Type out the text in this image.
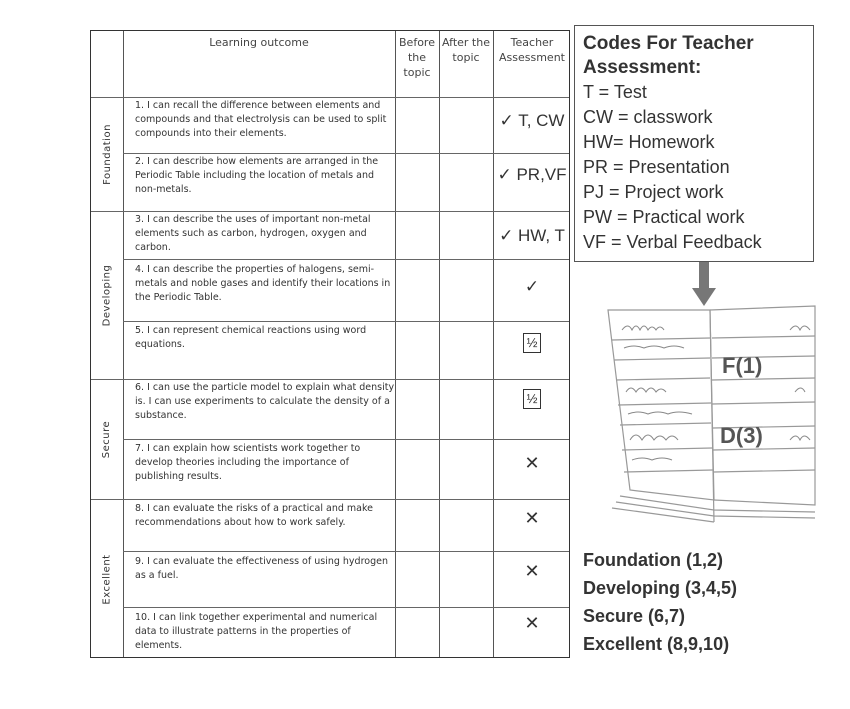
Learning outcome	Before the topic
After the topic
Teacher Assessment
Foundation
Developing
Secure
Excellent
1. I can recall the difference between elements and compounds and that electrolysis can be used to split compounds into their elements.
2. I can describe how elements are arranged in the Periodic Table including the location of metals and non-metals.
3. I can describe the uses of important non-metal elements such as carbon, hydrogen, oxygen and carbon.
4. I can describe the properties of halogens, semi-metals and noble gases and identify their locations in the Periodic Table.
5. I can represent chemical reactions using word equations.
6. I can use the particle model to explain what density is. I can use experiments to calculate the density of a substance.
7. I can explain how scientists work together to develop theories including the importance of publishing results.
8. I can evaluate the risks of a practical and make recommendations about how to work safely.
9. I can evaluate the effectiveness of using hydrogen as a fuel.
10. I can link together experimental and numerical data to illustrate patterns in the properties of elements.
✓ T, CW
✓ PR,VF
✓ HW, T
✓
½
½
✕
✕
✕
✕
Codes For Teacher Assessment:
T = Test
CW = classwork
HW= Homework
PR = Presentation
PJ = Project work
PW = Practical work
VF = Verbal Feedback
F(1)
D(3)
Foundation (1,2)
Developing (3,4,5)
Secure (6,7)
Excellent (8,9,10)
